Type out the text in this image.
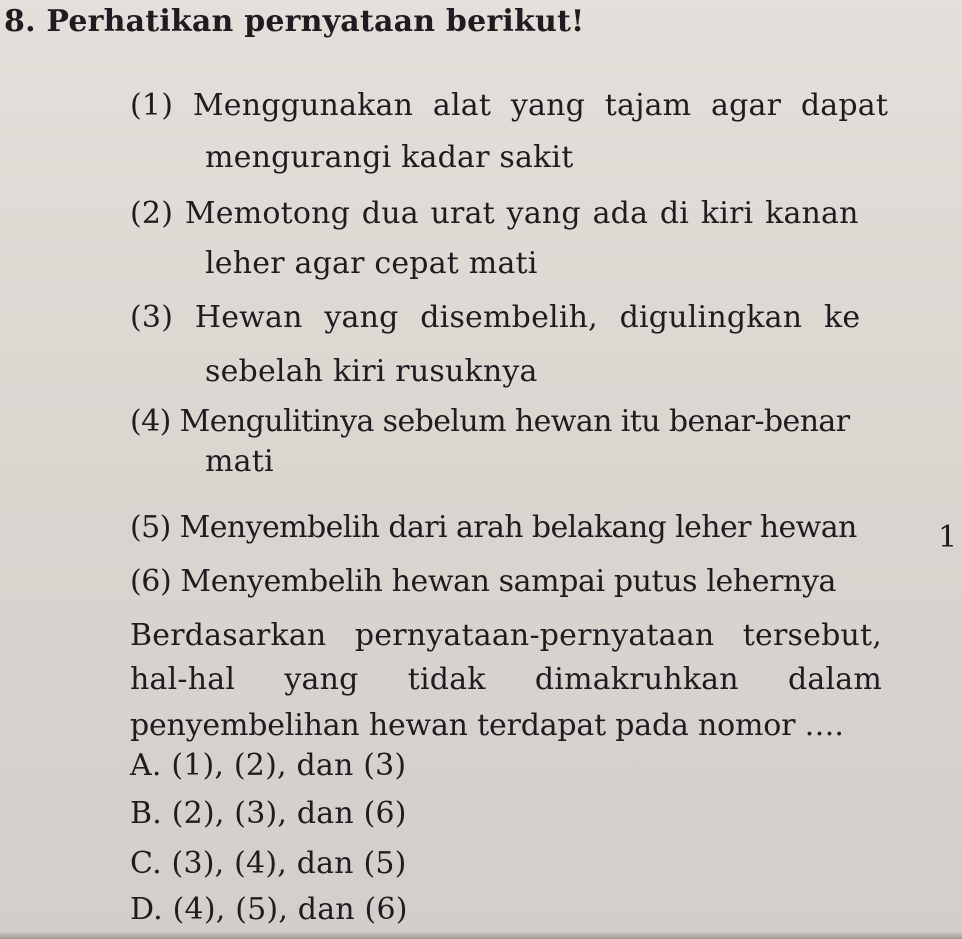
8. Perhatikan pernyataan berikut!
(1) Menggunakan alat yang tajam agar dapat
mengurangi kadar sakit
(2) Memotong dua urat yang ada di kiri kanan
leher agar cepat mati
(3) Hewan yang disembelih, digulingkan ke
sebelah kiri rusuknya
(4) Mengulitinya sebelum hewan itu benar-benar
mati
(5) Menyembelih dari arah belakang leher hewan	1
(6) Menyembelih hewan sampai putus lehernya
Berdasarkan pernyataan-pernyataan tersebut,
hal-hal yang tidak dimakruhkan dalam
penyembelihan hewan terdapat pada nomor ….
A. (1), (2), dan (3)
B. (2), (3), dan (6)
C. (3), (4), dan (5)
D. (4), (5), dan (6)
